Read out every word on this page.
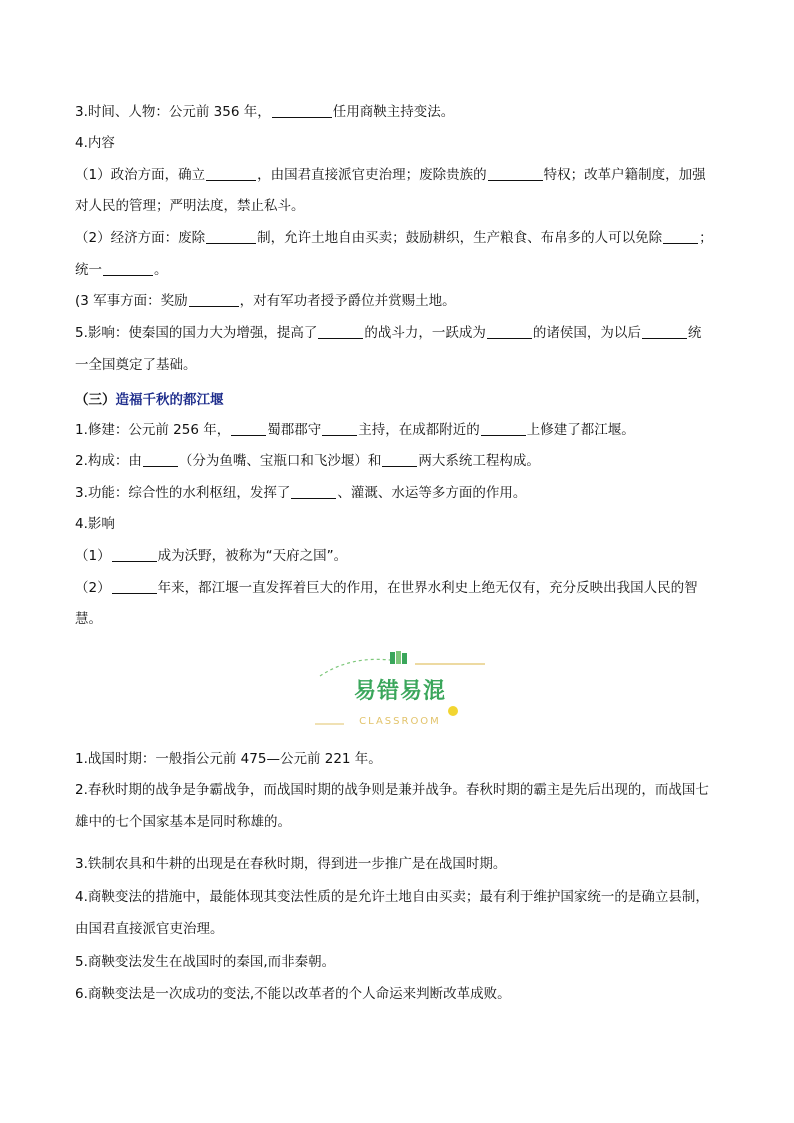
3.时间、人物：公元前 356 年，	任用商鞅主持变法。
4.内容
（1）政治方面，确立	，由国君直接派官吏治理；废除贵族的	特权；改革户籍制度，加强
对人民的管理；严明法度，禁止私斗。
（2）经济方面：废除	制，允许土地自由买卖；鼓励耕织，生产粮食、布帛多的人可以免除	；
统一	。
(3 军事方面：奖励	，对有军功者授予爵位并赏赐土地。
5.影响：使秦国的国力大为增强，提高了	的战斗力，一跃成为	的诸侯国，为以后	统
一全国奠定了基础。
（三）造福千秋的都江堰
1.修建：公元前 256 年，	蜀郡郡守	主持，在成都附近的	上修建了都江堰。
2.构成：由	（分为鱼嘴、宝瓶口和飞沙堰）和	两大系统工程构成。
3.功能：综合性的水利枢纽，发挥了	、灌溉、水运等多方面的作用。
4.影响
（1）	成为沃野，被称为“天府之国”。
（2）	年来，都江堰一直发挥着巨大的作用，在世界水利史上绝无仅有，充分反映出我国人民的智
慧。
易错易混
CLASSROOM
1.战国时期：一般指公元前 475—公元前 221 年。
2.春秋时期的战争是争霸战争，而战国时期的战争则是兼并战争。春秋时期的霸主是先后出现的，而战国七
雄中的七个国家基本是同时称雄的。
3.铁制农具和牛耕的出现是在春秋时期，得到进一步推广是在战国时期。
4.商鞅变法的措施中，最能体现其变法性质的是允许土地自由买卖；最有利于维护国家统一的是确立县制，
由国君直接派官吏治理。
5.商鞅变法发生在战国时的秦国,而非秦朝。
6.商鞅变法是一次成功的变法,不能以改革者的个人命运来判断改革成败。
